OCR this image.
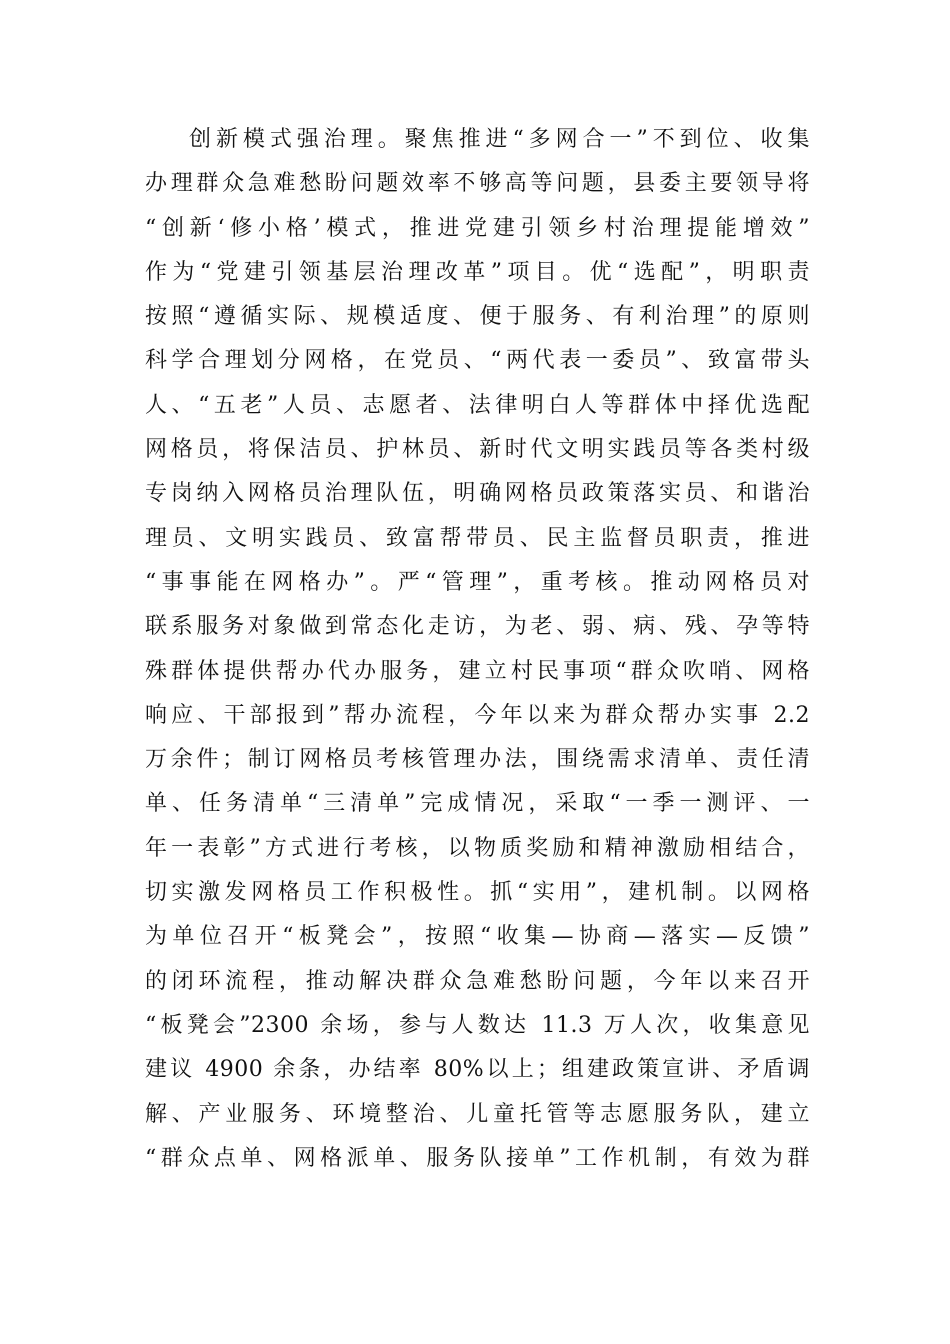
创新模式强治理。聚焦推进“多网合一”不到位、收集
办理群众急难愁盼问题效率不够高等问题，县委主要领导将
“创新‘修小格’模式，推进党建引领乡村治理提能增效”
作为“党建引领基层治理改革”项目。优“选配”，明职责
按照“遵循实际、规模适度、便于服务、有利治理”的原则
科学合理划分网格，在党员、“两代表一委员”、致富带头
人、“五老”人员、志愿者、法律明白人等群体中择优选配
网格员，将保洁员、护林员、新时代文明实践员等各类村级
专岗纳入网格员治理队伍，明确网格员政策落实员、和谐治
理员、文明实践员、致富帮带员、民主监督员职责，推进
“事事能在网格办”。严“管理”，重考核。推动网格员对
联系服务对象做到常态化走访，为老、弱、病、残、孕等特
殊群体提供帮办代办服务，建立村民事项“群众吹哨、网格
响应、干部报到”帮办流程，今年以来为群众帮办实事 2.2
万余件；制订网格员考核管理办法，围绕需求清单、责任清
单、任务清单“三清单”完成情况，采取“一季一测评、一
年一表彰”方式进行考核，以物质奖励和精神激励相结合，
切实激发网格员工作积极性。抓“实用”，建机制。以网格
为单位召开“板凳会”，按照“收集—协商—落实—反馈”
的闭环流程，推动解决群众急难愁盼问题，今年以来召开
“板凳会”2300 余场，参与人数达 11.3 万人次，收集意见
建议 4900 余条，办结率 80%以上；组建政策宣讲、矛盾调
解、产业服务、环境整治、儿童托管等志愿服务队，建立
“群众点单、网格派单、服务队接单”工作机制，有效为群
